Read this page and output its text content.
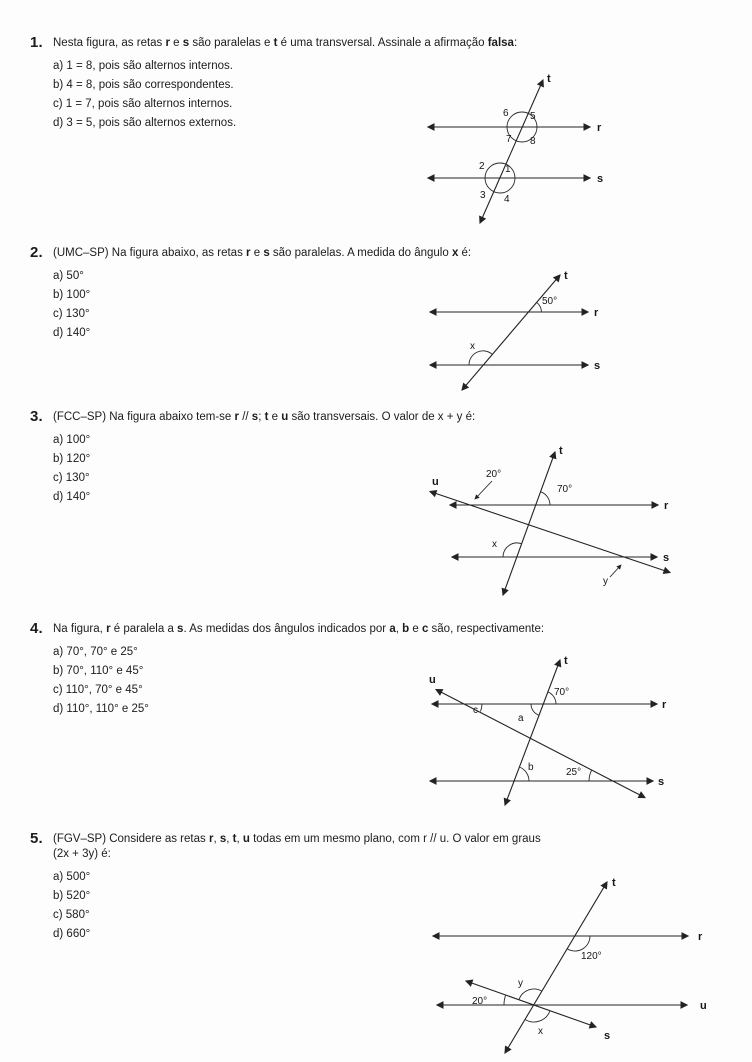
1. Nesta figura, as retas r e s são paralelas e t é uma transversal. Assinale a afirmação falsa:
a) 1 = 8, pois são alternos internos.
b) 4 = 8, pois são correspondentes.
c) 1 = 7, pois são alternos internos.
d) 3 = 5, pois são alternos externos.
t
r
s
6 5
7 8
2 1
3 4
2. (UMC–SP) Na figura abaixo, as retas r e s são paralelas. A medida do ângulo x é:
a) 50°
b) 100°
c) 130°
d) 140°
t
r
s
50°
x
3. (FCC–SP) Na figura abaixo tem-se r // s; t e u são transversais. O valor de x + y é:
a) 100°
b) 120°
c) 130°
d) 140°
t
r
s
u
20°
70°
x
y
4. Na figura, r é paralela a s. As medidas dos ângulos indicados por a, b e c são, respectivamente:
a) 70°, 70° e 25°
b) 70°, 110° e 45°
c) 110°, 70° e 45°
d) 110°, 110° e 25°
t
r
s
u
70°
a
b
c
25°
5. (FGV–SP) Considere as retas r, s, t, u todas em um mesmo plano, com r // u. O valor em graus
(2x + 3y) é:
a) 500°
b) 520°
c) 580°
d) 660°
t
r
u
s
120°
y
x
20°
